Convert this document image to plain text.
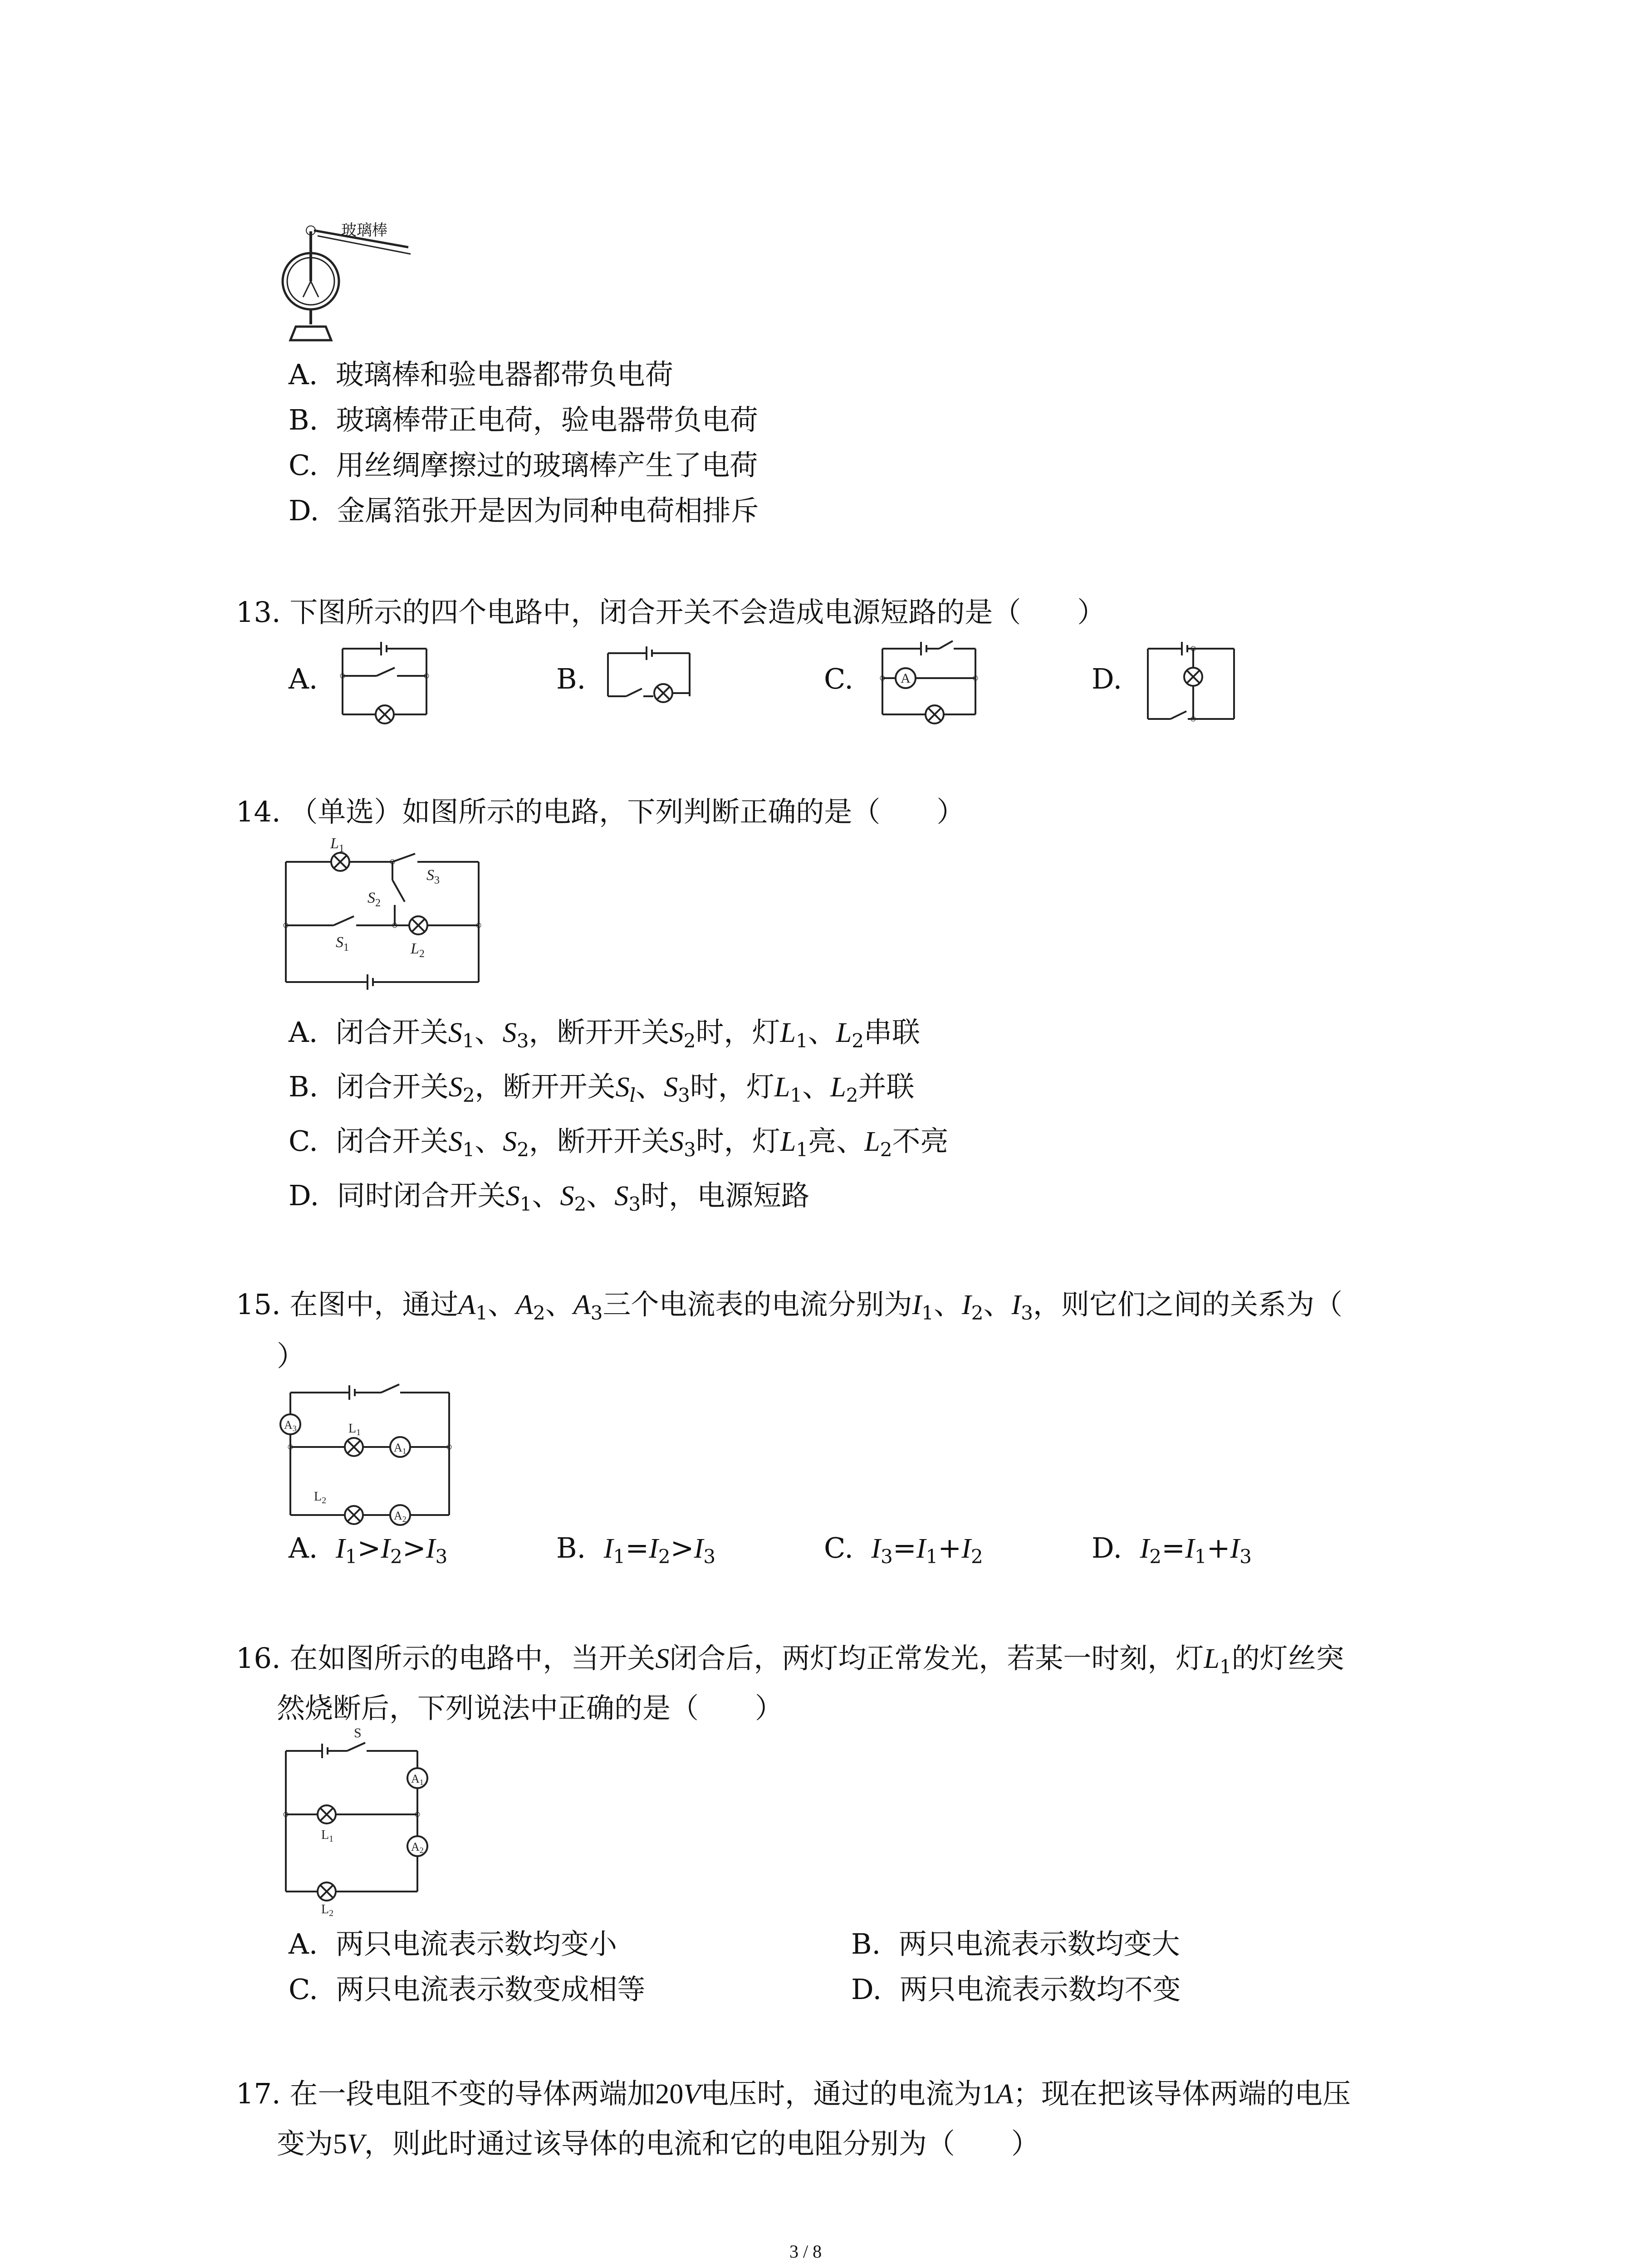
玻璃棒
A. 玻璃棒和验电器都带负电荷
B. 玻璃棒带正电荷，验电器带负电荷
C. 用丝绸摩擦过的玻璃棒产生了电荷
D. 金属箔张开是因为同种电荷相排斥
13. 下图所示的四个电路中，闭合开关不会造成电源短路的是（　　）
A.	B.	C.	A	D.
14. （单选）如图所示的电路，下列判断正确的是（　　）
$L_1$
$S_3$
$S_2$
$S_1$	$L_2$
A. 闭合开关$S_1$、$S_3$，断开开关$S_2$时，灯$L_1$、$L_2$串联
B. 闭合开关$S_2$，断开开关$S_l$、$S_3$时，灯$L_1$、$L_2$并联
C. 闭合开关$S_1$、$S_2$，断开开关$S_3$时，灯$L_1$亮、$L_2$不亮
D. 同时闭合开关$S_1$、$S_2$、$S_3$时，电源短路
15. 在图中，通过$A_1$、$A_2$、$A_3$三个电流表的电流分别为$I_1$、$I_2$、$I_3$，则它们之间的关系为（
）
A3
A1
A2
$L_1$
$L_2$
A. $I_1>I_2>I_3$	B. $I_1=I_2>I_3$	C. $I_3=I_1+I_2$	D. $I_2=I_1+I_3$
16. 在如图所示的电路中，当开关S闭合后，两灯均正常发光，若某一时刻，灯$L_1$的灯丝突
然烧断后，下列说法中正确的是（　　）
S
A1
A2
$L_1$
$L_2$
A. 两只电流表示数均变小	B. 两只电流表示数均变大
C. 两只电流表示数变成相等	D. 两只电流表示数均不变
17. 在一段电阻不变的导体两端加20V电压时，通过的电流为1A；现在把该导体两端的电压
变为5V，则此时通过该导体的电流和它的电阻分别为（　　）
3 / 8
